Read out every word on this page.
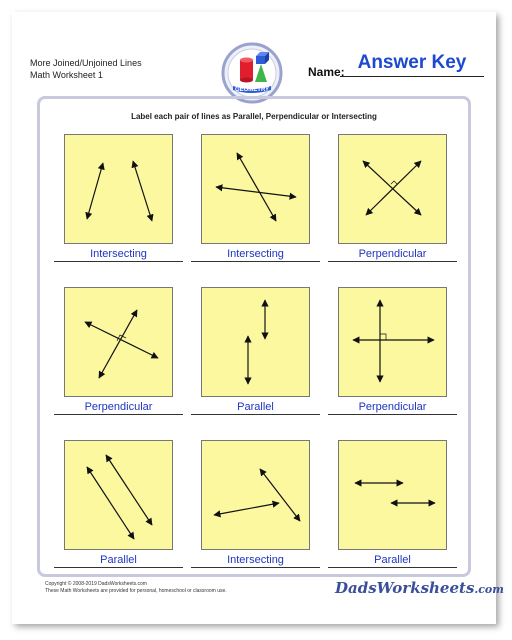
More Joined/Unjoined Lines
Math Worksheet 1
GEOMETRY
Name: Answer Key
Label each pair of lines as Parallel, Perpendicular or Intersecting
Intersecting	Intersecting	Perpendicular
Perpendicular	Parallel	Perpendicular
Parallel	Intersecting	Parallel
Copyright © 2008-2019 DadsWorksheets.com
These Math Worksheets are provided for personal, homeschool or classroom use.	DadsWorksheets.com
